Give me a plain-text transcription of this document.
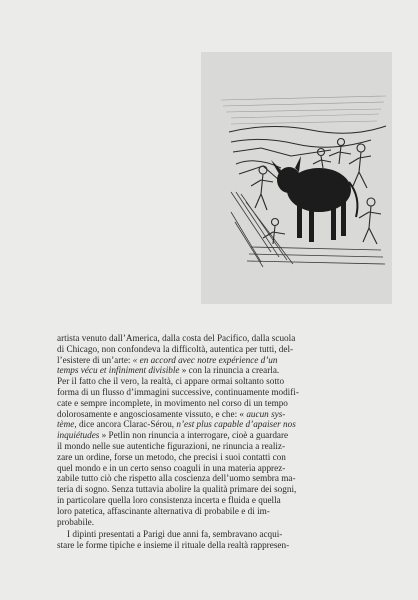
artista venuto dall’America, dalla costa del Pacifico, dalla scuola
di Chicago, non confondeva la difficoltà, autentica per tutti, del-
l’esistere di un’arte: « en accord avec notre expérience d’un
temps vécu et infiniment divisible » con la rinuncia a crearla.
Per il fatto che il vero, la realtà, ci appare ormai soltanto sotto
forma di un flusso d’immagini successive, continuamente modifi-
cate e sempre incomplete, in movimento nel corso di un tempo
dolorosamente e angosciosamente vissuto, e che: « aucun sys-
tème, dice ancora Clarac-Sérou, n’est plus capable d’apaiser nos
inquiétudes » Petlin non rinuncia a interrogare, cioè a guardare
il mondo nelle sue autentiche figurazioni, ne rinuncia a realiz-
zare un ordine, forse un metodo, che precisi i suoi contatti con
quel mondo e in un certo senso coaguli in una materia apprez-
zabile tutto ciò che rispetto alla coscienza dell’uomo sembra ma-
teria di sogno. Senza tuttavia abolire la qualità primare dei sogni,
in particolare quella loro consistenza incerta e fluida e quella
loro patetica, affascinante alternativa di probabile e di im-
probabile.
I dipinti presentati a Parigi due anni fa, sembravano acqui-
stare le forme tipiche e insieme il rituale della realtà rappresen-
